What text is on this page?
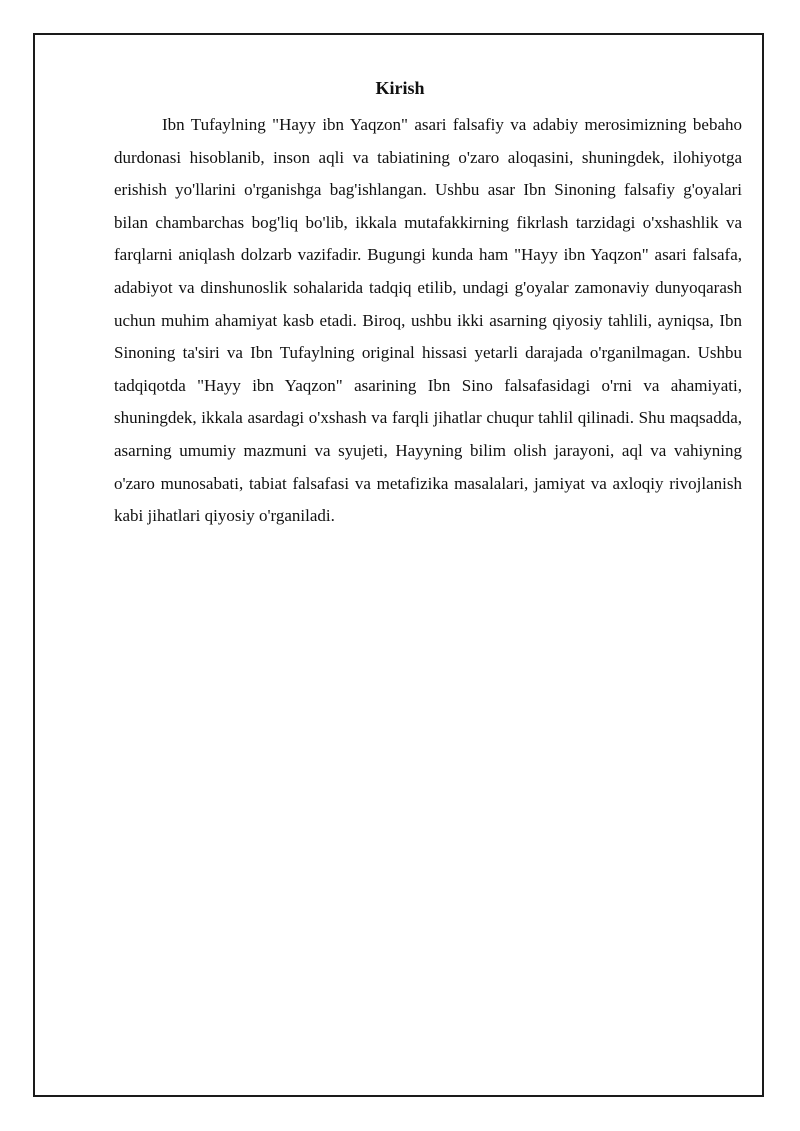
Kirish

Ibn Tufaylning "Hayy ibn Yaqzon" asari falsafiy va adabiy merosimizning bebaho durdonasi hisoblanib, inson aqli va tabiatining o'zaro aloqasini, shuningdek, ilohiyotga erishish yo'llarini o'rganishga bag'ishlangan. Ushbu asar Ibn Sinoning falsafiy g'oyalari bilan chambarchas bog'liq bo'lib, ikkala mutafakkirning fikrlash tarzidagi o'xshashlik va farqlarni aniqlash dolzarb vazifadir. Bugungi kunda ham "Hayy ibn Yaqzon" asari falsafa, adabiyot va dinshunoslik sohalarida tadqiq etilib, undagi g'oyalar zamonaviy dunyoqarash uchun muhim ahamiyat kasb etadi. Biroq, ushbu ikki asarning qiyosiy tahlili, ayniqsa, Ibn Sinoning ta'siri va Ibn Tufaylning original hissasi yetarli darajada o'rganilmagan. Ushbu tadqiqotda "Hayy ibn Yaqzon" asarining Ibn Sino falsafasidagi o'rni va ahamiyati, shuningdek, ikkala asardagi o'xshash va farqli jihatlar chuqur tahlil qilinadi. Shu maqsadda, asarning umumiy mazmuni va syujeti, Hayyning bilim olish jarayoni, aql va vahiyning o'zaro munosabati, tabiat falsafasi va metafizika masalalari, jamiyat va axloqiy rivojlanish kabi jihatlari qiyosiy o'rganiladi.
